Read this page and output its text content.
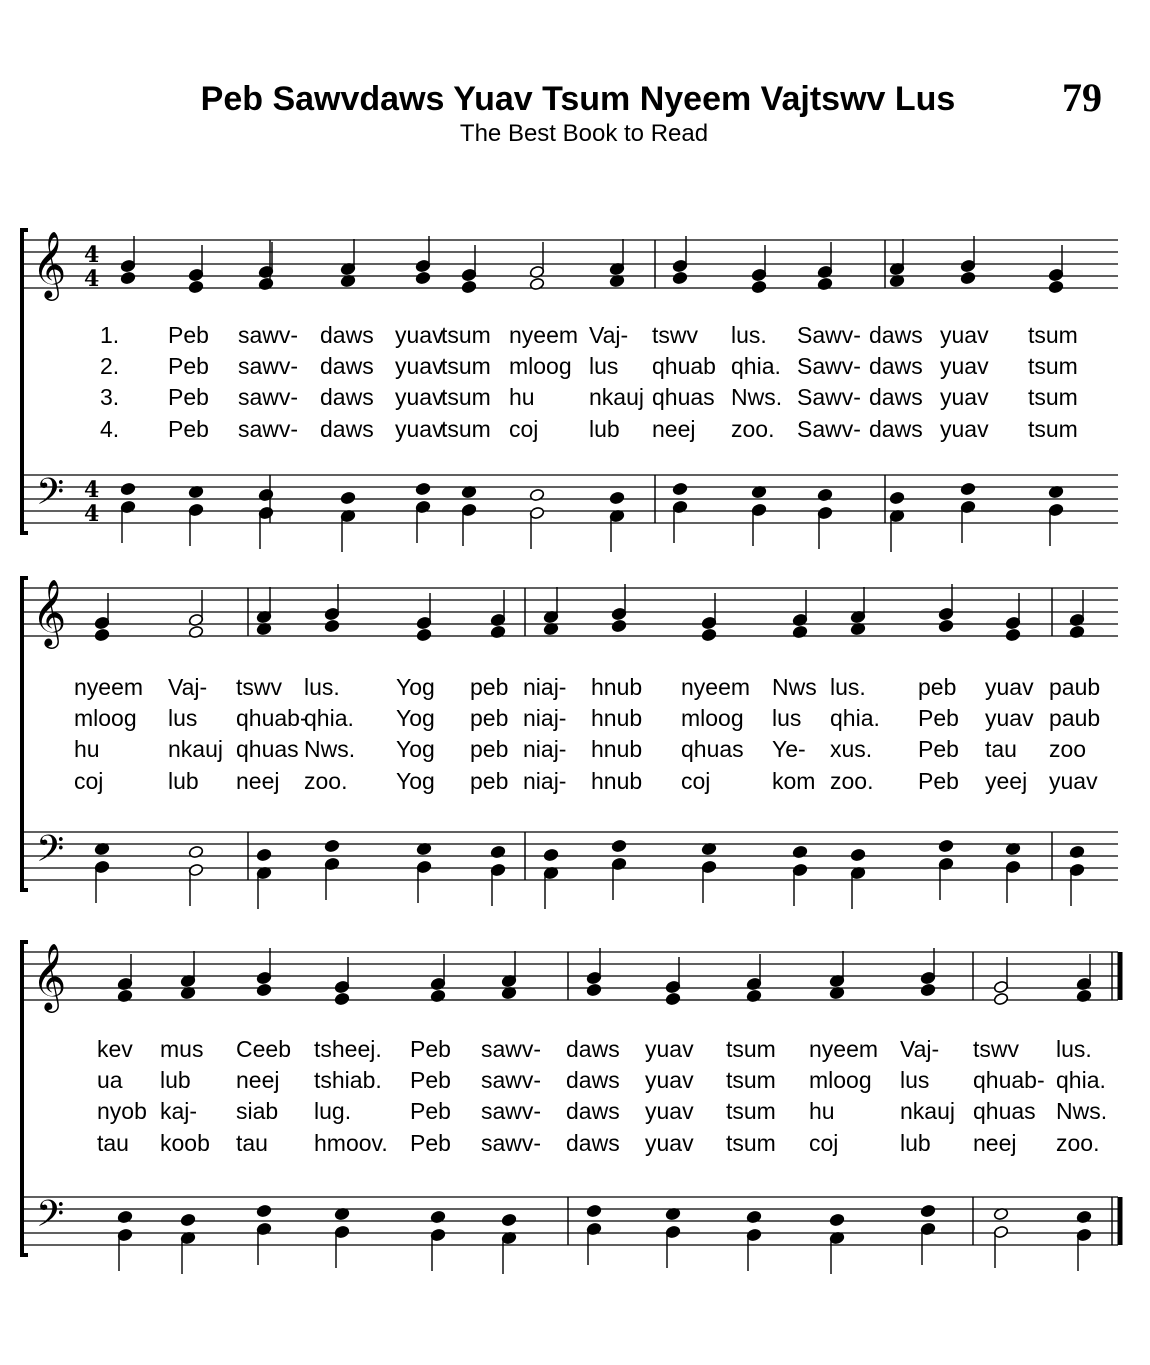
Peb Sawvdaws Yuav Tsum Nyeem Vajtswv Lus
The Best Book to Read
79
𝄞
𝄢
4
4
4
4
𝄞
𝄢
𝄞
𝄢
1. Peb sawv- daws yuav
tsum nyeem Vaj- tswv lus. Sawv- daws yuav tsum
2. Peb sawv- daws yuav
tsum mloog lus qhuab qhia. Sawv- daws yuav tsum
3. Peb sawv- daws yuav
tsum hu nkauj qhuas Nws. Sawv- daws yuav tsum
4. Peb sawv- daws yuav
tsum coj lub neej zoo. Sawv- daws yuav tsum
nyeem Vaj- tswv lus. Yog peb niaj- hnub nyeem Nws lus. peb yuav paub
mloog lus qhuab-
qhia. Yog peb niaj- hnub mloog lus qhia. Peb yuav paub
hu	nkauj qhuas Nws. Yog peb niaj- hnub qhuas Ye- xus. Peb tau zoo
coj	lub neej zoo. Yog peb niaj- hnub coj	kom zoo. Peb yeej yuav
kev mus Ceeb tsheej. Peb sawv- daws yuav tsum nyeem Vaj- tswv lus.
ua lub neej tshiab. Peb sawv- daws yuav tsum mloog lus qhuab- qhia.
nyob kaj- siab lug.	Peb sawv- daws yuav tsum hu	nkauj qhuas Nws.
tau koob tau hmoov. Peb sawv- daws yuav tsum coj	lub neej zoo.
